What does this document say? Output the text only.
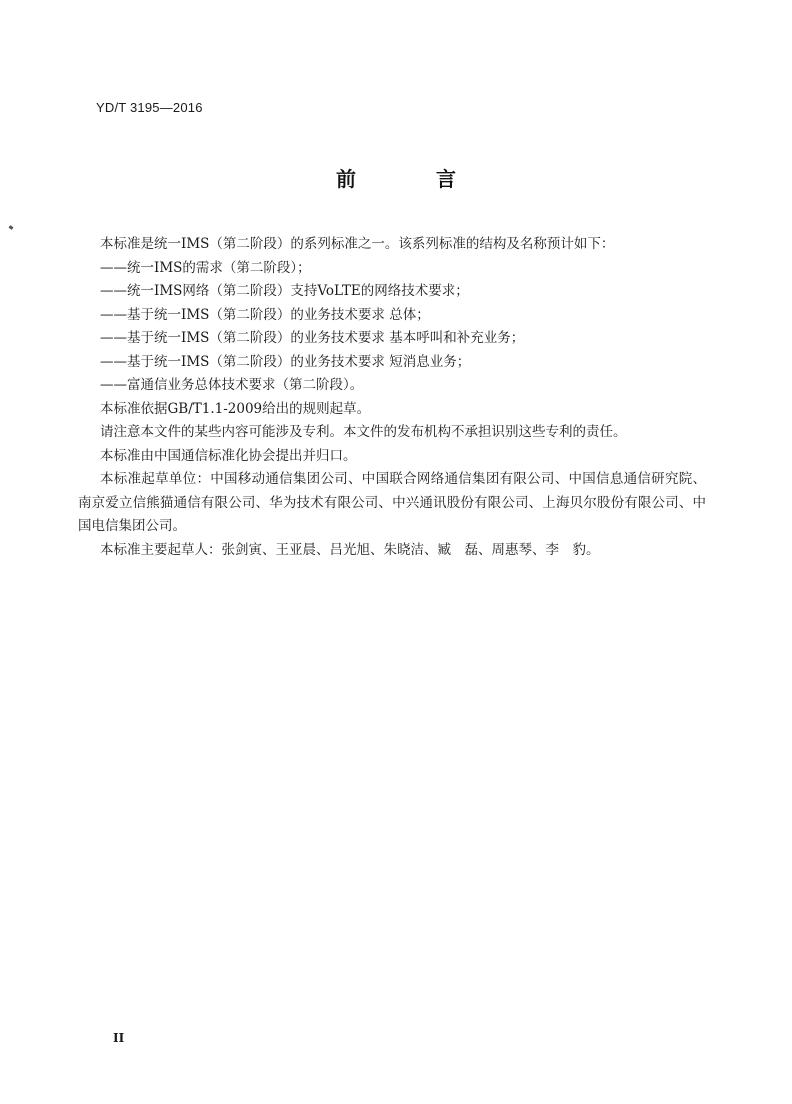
YD/T 3195—2016
前　言

本标准是统一IMS（第二阶段）的系列标准之一。该系列标准的结构及名称预计如下：

——统一IMS的需求（第二阶段）；

——统一IMS网络（第二阶段）支持VoLTE的网络技术要求；

——基于统一IMS（第二阶段）的业务技术要求 总体；

——基于统一IMS（第二阶段）的业务技术要求 基本呼叫和补充业务；

——基于统一IMS（第二阶段）的业务技术要求 短消息业务；

——富通信业务总体技术要求（第二阶段）。

本标准依据GB/T1.1-2009给出的规则起草。

请注意本文件的某些内容可能涉及专利。本文件的发布机构不承担识别这些专利的责任。

本标准由中国通信标准化协会提出并归口。

本标准起草单位：中国移动通信集团公司、中国联合网络通信集团有限公司、中国信息通信研究院、南京爱立信熊猫通信有限公司、华为技术有限公司、中兴通讯股份有限公司、上海贝尔股份有限公司、中国电信集团公司。

本标准主要起草人：张剑寅、王亚晨、吕光旭、朱晓洁、臧　磊、周惠琴、李　豹。

II
